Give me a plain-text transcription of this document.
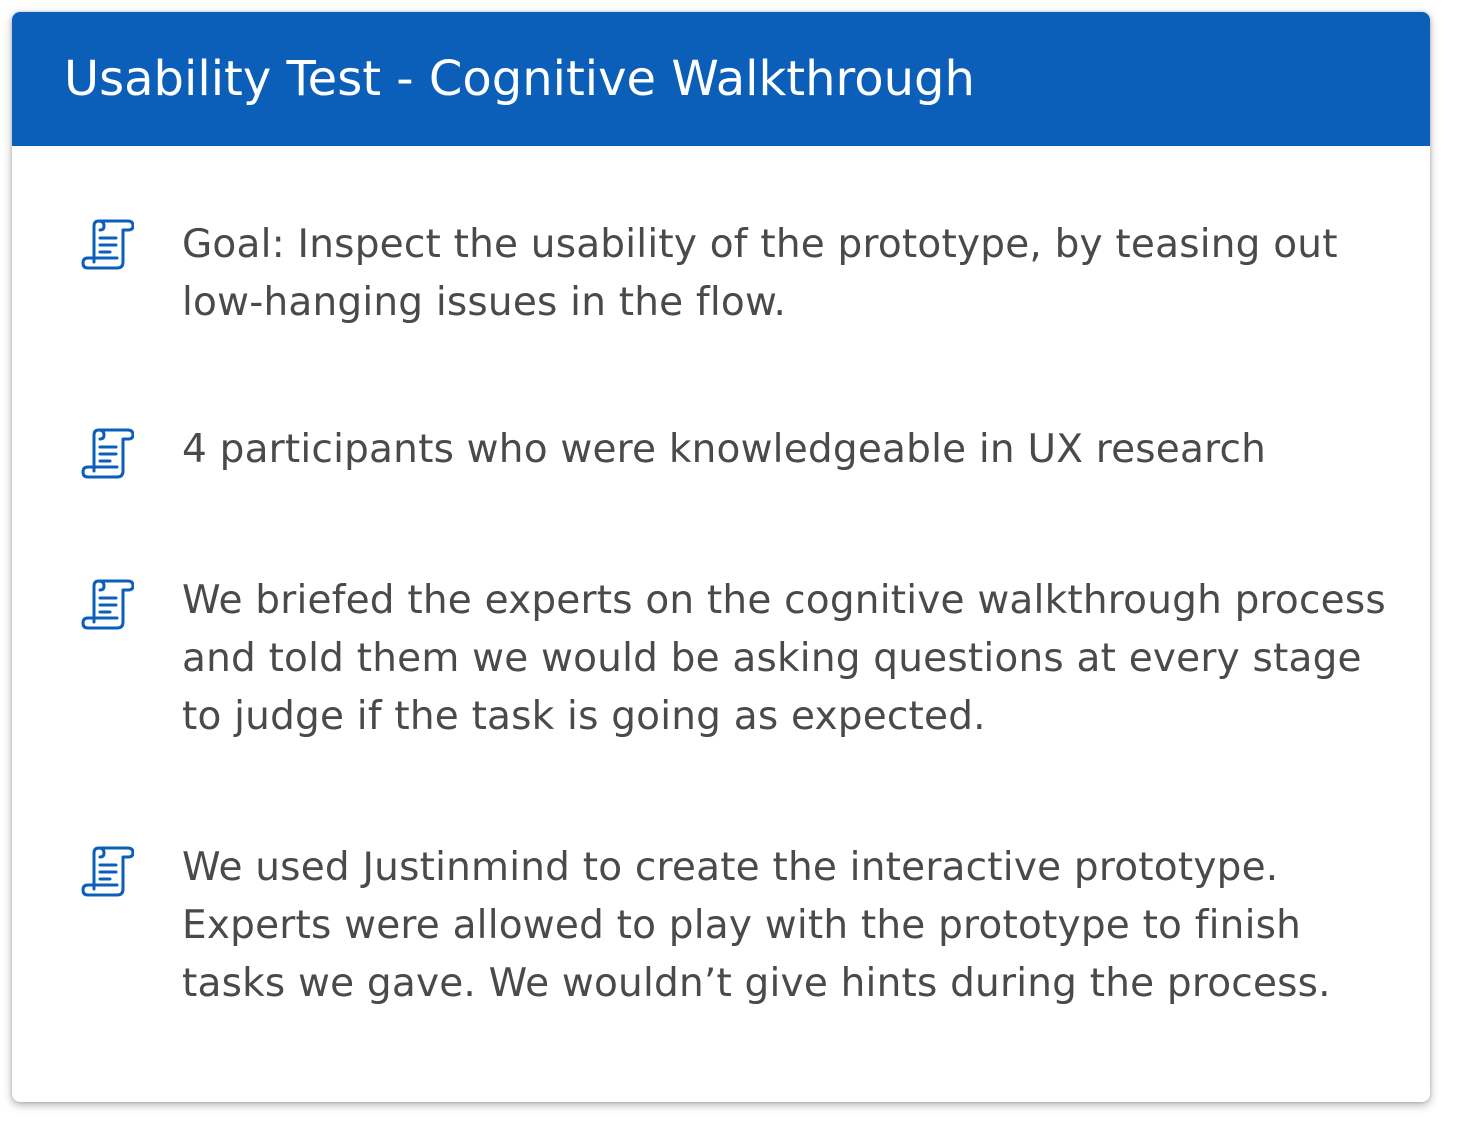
Usability Test - Cognitive Walkthrough

Goal: Inspect the usability of the prototype, by teasing out low-hanging issues in the flow.

4 participants who were knowledgeable in UX research

We briefed the experts on the cognitive walkthrough process and told them we would be asking questions at every stage to judge if the task is going as expected.

We used Justinmind to create the interactive prototype. Experts were allowed to play with the prototype to finish tasks we gave. We wouldn’t give hints during the process.
